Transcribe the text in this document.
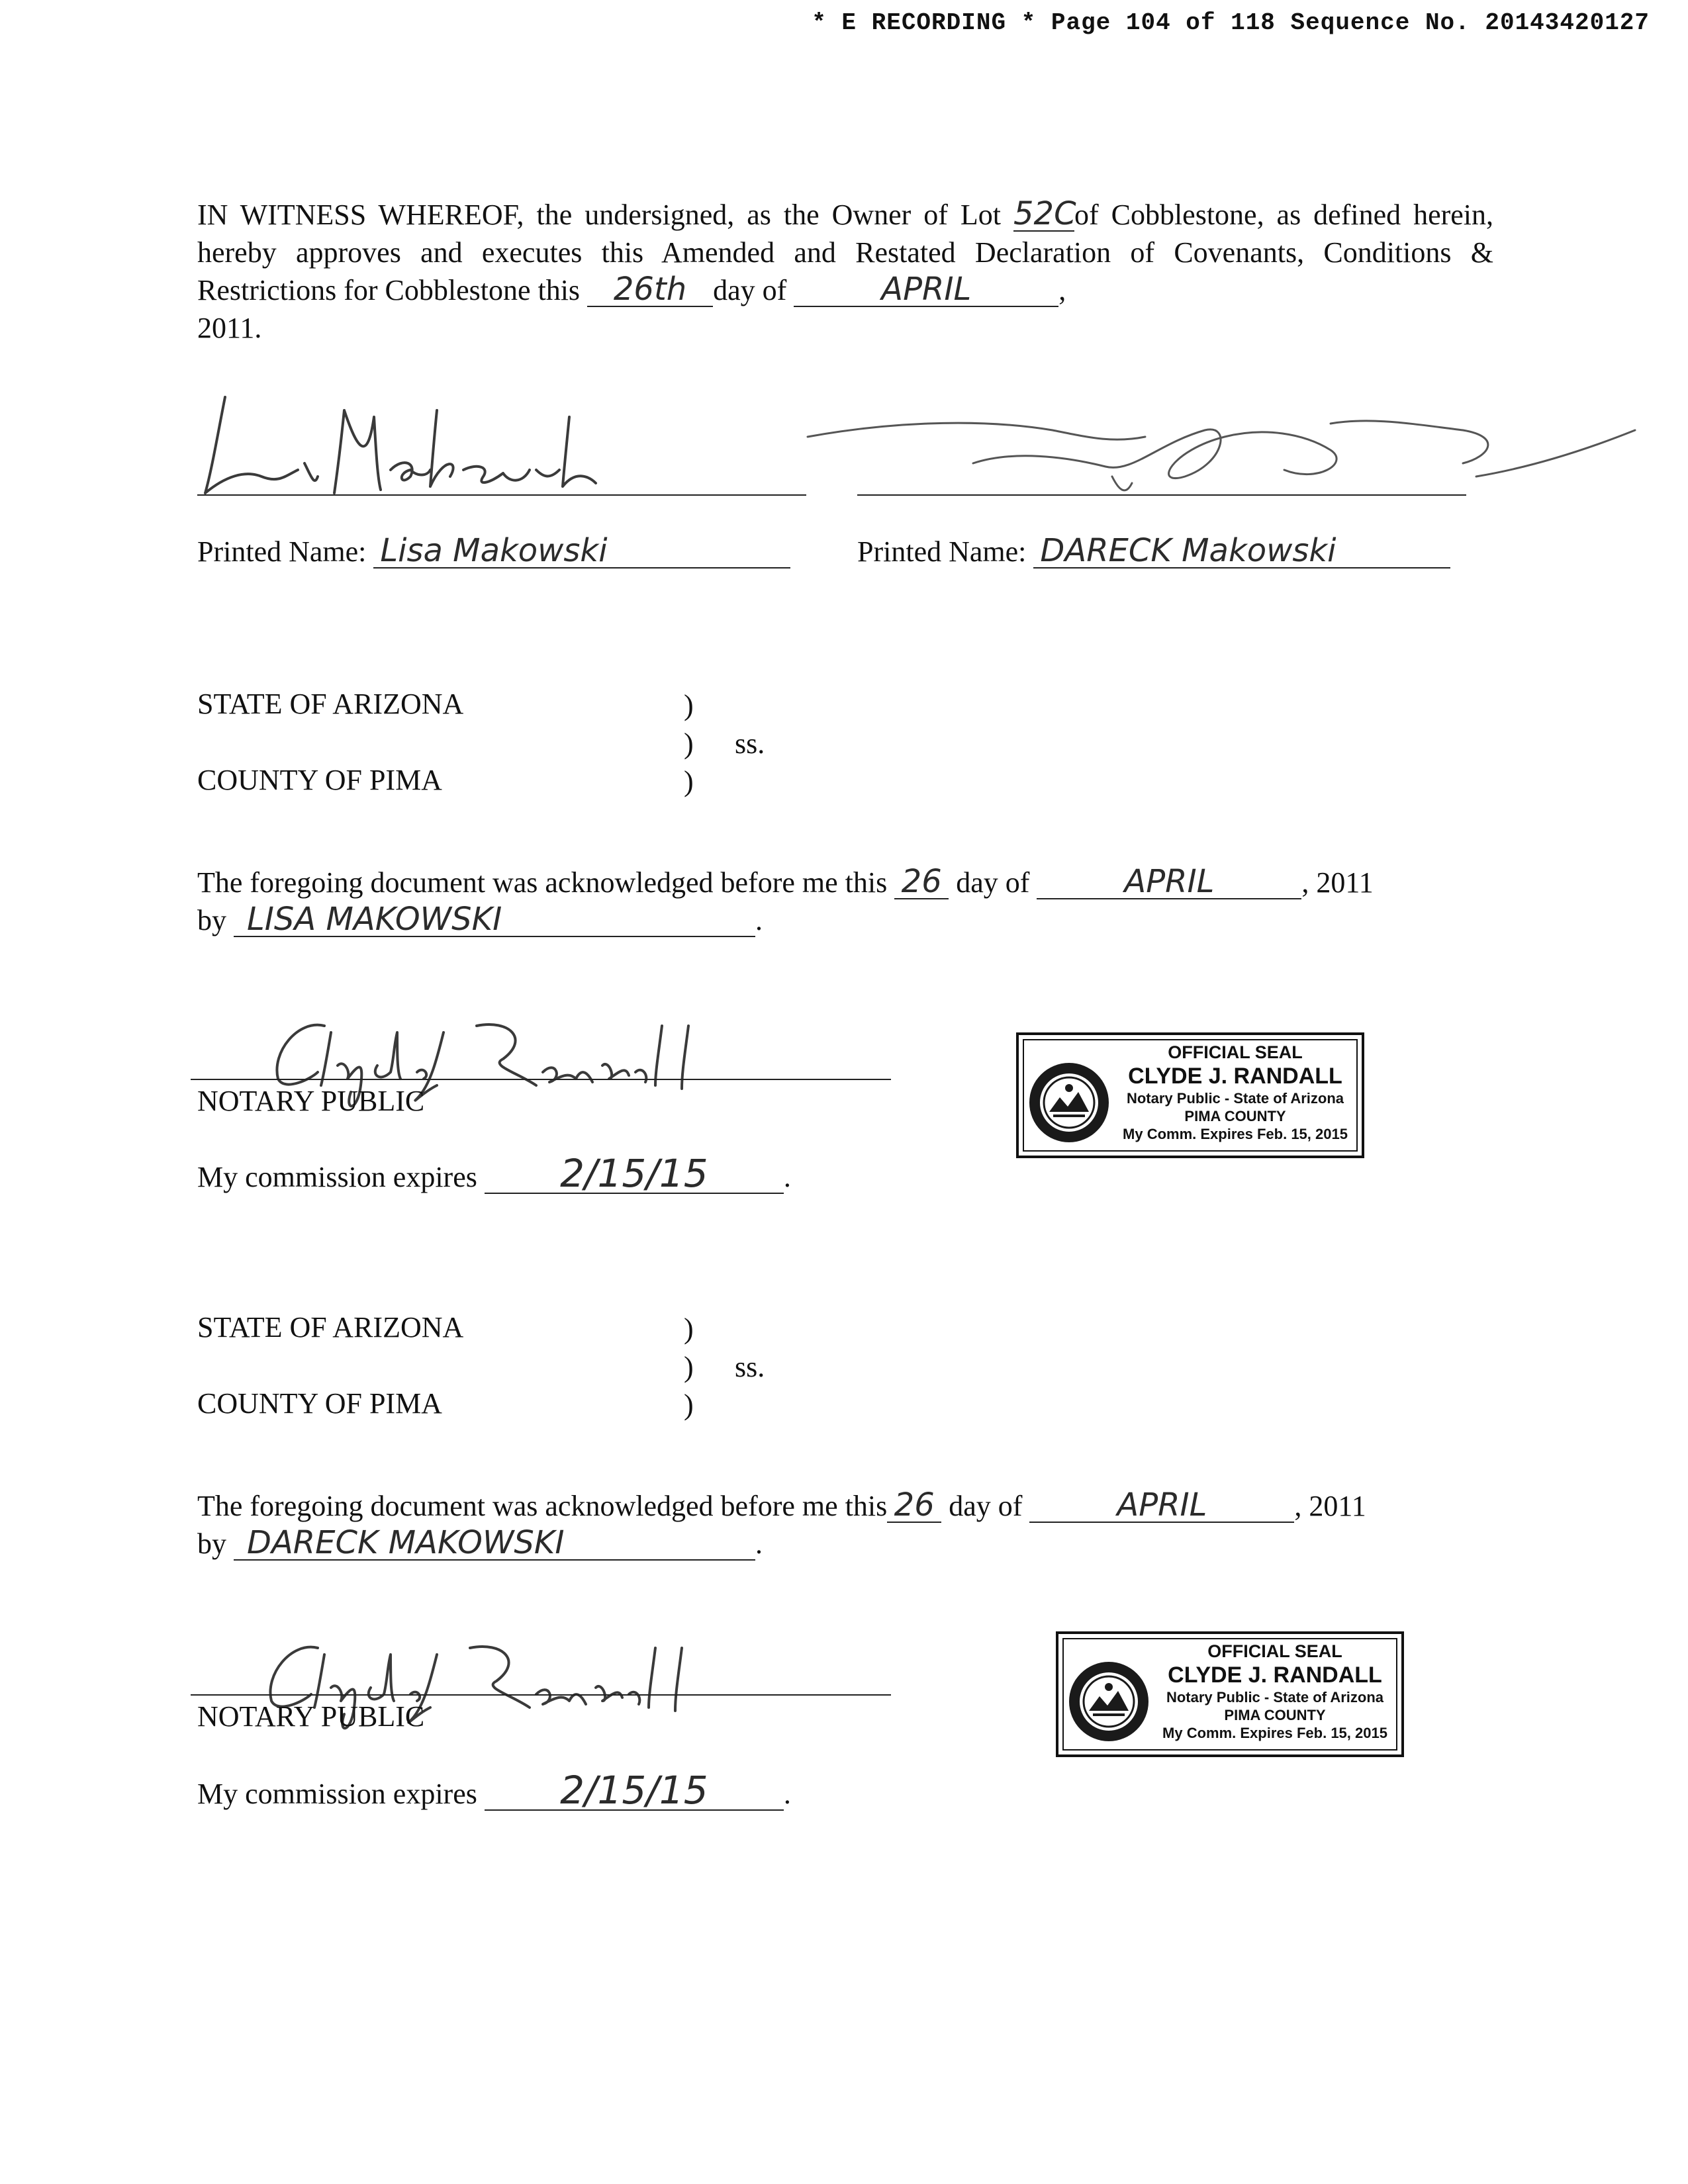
* E RECORDING * Page 104 of 118 Sequence No. 20143420127
IN WITNESS WHEREOF, the undersigned, as the Owner of Lot 52Cof Cobblestone, as defined herein, hereby approves and executes this Amended and Restated Declaration of Covenants, Conditions & Restrictions for Cobblestone this 26th day of	APRIL	,
2011.
Printed Name: Lisa Makowski	Printed Name: DARECK Makowski
STATE OF ARIZONA
COUNTY OF PIMA
)
)
)
ss.
The foregoing document was acknowledged before me this 26 day of	APRIL	, 2011
by LISA MAKOWSKI	.
NOTARY PUBLIC
My commission expires 2/15/15	.
OFFICIAL SEAL
CLYDE J. RANDALL
Notary Public - State of Arizona
PIMA COUNTY
My Comm. Expires Feb. 15, 2015
STATE OF ARIZONA
COUNTY OF PIMA
)
)
)
ss.
The foregoing document was acknowledged before me this 26 day of	APRIL	, 2011
by DARECK MAKOWSKI	.
NOTARY PUBLIC
My commission expires 2/15/15	.
OFFICIAL SEAL
CLYDE J. RANDALL
Notary Public - State of Arizona
PIMA COUNTY
My Comm. Expires Feb. 15, 2015
